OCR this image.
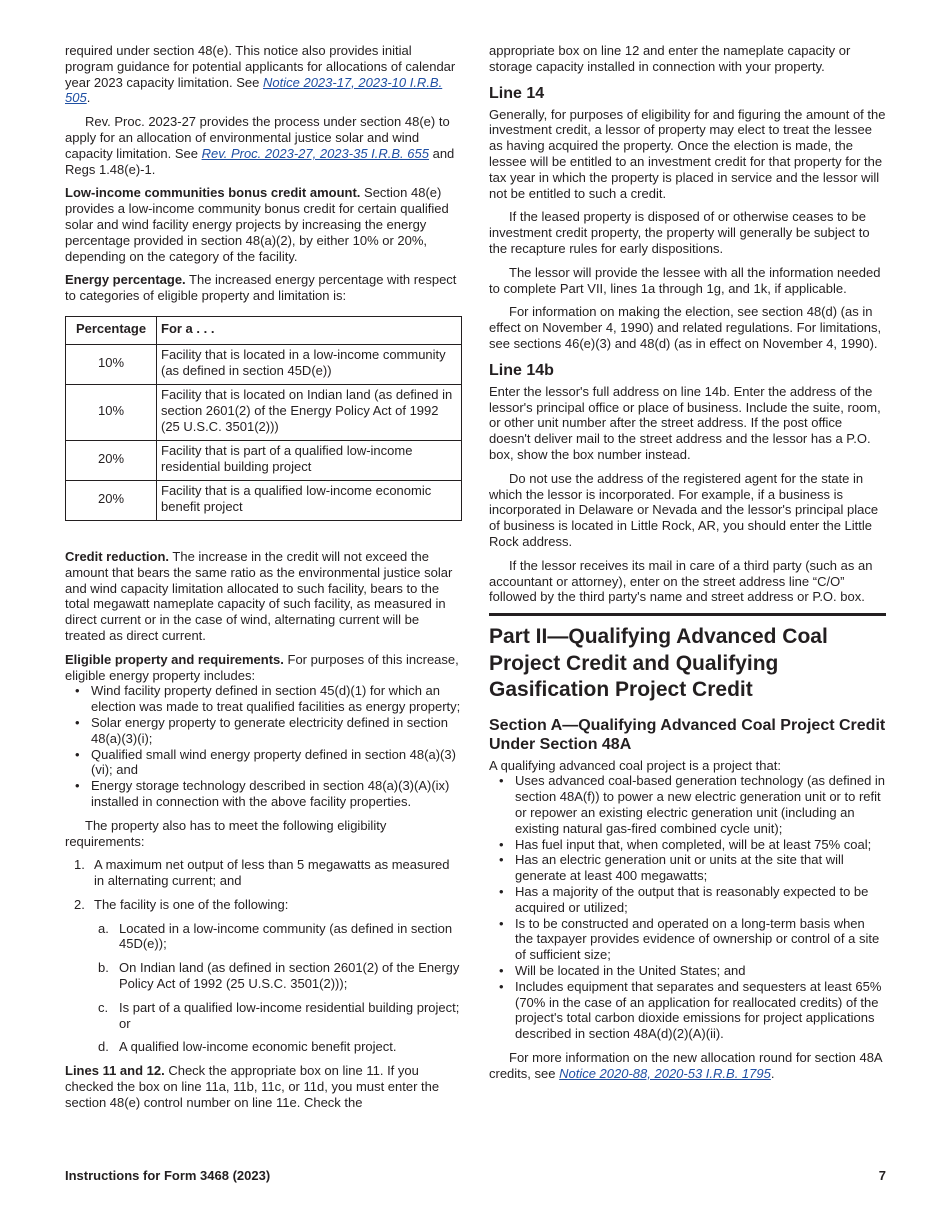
required under section 48(e). This notice also provides initial program guidance for potential applicants for allocations of calendar year 2023 capacity limitation. See Notice 2023-17, 2023-10 I.R.B. 505.

Rev. Proc. 2023-27 provides the process under section 48(e) to apply for an allocation of environmental justice solar and wind capacity limitation. See Rev. Proc. 2023-27, 2023-35 I.R.B. 655 and Regs 1.48(e)-1.

Low-income communities bonus credit amount. Section 48(e) provides a low-income community bonus credit for certain qualified solar and wind facility energy projects by increasing the energy percentage provided in section 48(a)(2), by either 10% or 20%, depending on the category of the facility.

Energy percentage. The increased energy percentage with respect to categories of eligible property and limitation is:

Percentage	For a . . .
10%	Facility that is located in a low-income community (as defined in section 45D(e))
10%	Facility that is located on Indian land (as defined in section 2601(2) of the Energy Policy Act of 1992 (25 U.S.C. 3501(2)))
20%	Facility that is part of a qualified low-income residential building project
20%	Facility that is a qualified low-income economic benefit project

Credit reduction. The increase in the credit will not exceed the amount that bears the same ratio as the environmental justice solar and wind capacity limitation allocated to such facility, bears to the total megawatt nameplate capacity of such facility, as measured in direct current or in the case of wind, alternating current will be treated as direct current.

Eligible property and requirements. For purposes of this increase, eligible energy property includes:

• Wind facility property defined in section 45(d)(1) for which an election was made to treat qualified facilities as energy property;
• Solar energy property to generate electricity defined in section 48(a)(3)(i);
• Qualified small wind energy property defined in section 48(a)(3)(vi); and
• Energy storage technology described in section 48(a)(3)(A)(ix) installed in connection with the above facility properties.

The property also has to meet the following eligibility requirements:

1. A maximum net output of less than 5 megawatts as measured in alternating current; and
2. The facility is one of the following:
a. Located in a low-income community (as defined in section 45D(e));
b. On Indian land (as defined in section 2601(2) of the Energy Policy Act of 1992 (25 U.S.C. 3501(2)));
c. Is part of a qualified low-income residential building project; or
d. A qualified low-income economic benefit project.

Lines 11 and 12. Check the appropriate box on line 11. If you checked the box on line 11a, 11b, 11c, or 11d, you must enter the section 48(e) control number on line 11e. Check the

appropriate box on line 12 and enter the nameplate capacity or storage capacity installed in connection with your property.

Line 14

Generally, for purposes of eligibility for and figuring the amount of the investment credit, a lessor of property may elect to treat the lessee as having acquired the property. Once the election is made, the lessee will be entitled to an investment credit for that property for the tax year in which the property is placed in service and the lessor will not be entitled to such a credit.

If the leased property is disposed of or otherwise ceases to be investment credit property, the property will generally be subject to the recapture rules for early dispositions.

The lessor will provide the lessee with all the information needed to complete Part VII, lines 1a through 1g, and 1k, if applicable.

For information on making the election, see section 48(d) (as in effect on November 4, 1990) and related regulations. For limitations, see sections 46(e)(3) and 48(d) (as in effect on November 4, 1990).

Line 14b

Enter the lessor's full address on line 14b. Enter the address of the lessor's principal office or place of business. Include the suite, room, or other unit number after the street address. If the post office doesn't deliver mail to the street address and the lessor has a P.O. box, show the box number instead.

Do not use the address of the registered agent for the state in which the lessor is incorporated. For example, if a business is incorporated in Delaware or Nevada and the lessor's principal place of business is located in Little Rock, AR, you should enter the Little Rock address.

If the lessor receives its mail in care of a third party (such as an accountant or attorney), enter on the street address line “C/O” followed by the third party's name and street address or P.O. box.

Part II—Qualifying Advanced Coal Project Credit and Qualifying Gasification Project Credit
Section A—Qualifying Advanced Coal Project Credit Under Section 48A

A qualifying advanced coal project is a project that:

• Uses advanced coal-based generation technology (as defined in section 48A(f)) to power a new electric generation unit or to refit or repower an existing electric generation unit (including an existing natural gas-fired combined cycle unit);
• Has fuel input that, when completed, will be at least 75% coal;
• Has an electric generation unit or units at the site that will generate at least 400 megawatts;
• Has a majority of the output that is reasonably expected to be acquired or utilized;
• Is to be constructed and operated on a long-term basis when the taxpayer provides evidence of ownership or control of a site of sufficient size;
• Will be located in the United States; and
• Includes equipment that separates and sequesters at least 65% (70% in the case of an application for reallocated credits) of the project's total carbon dioxide emissions for project applications described in section 48A(d)(2)(A)(ii).

For more information on the new allocation round for section 48A credits, see Notice 2020-88, 2020-53 I.R.B. 1795.

Instructions for Form 3468 (2023)	7
